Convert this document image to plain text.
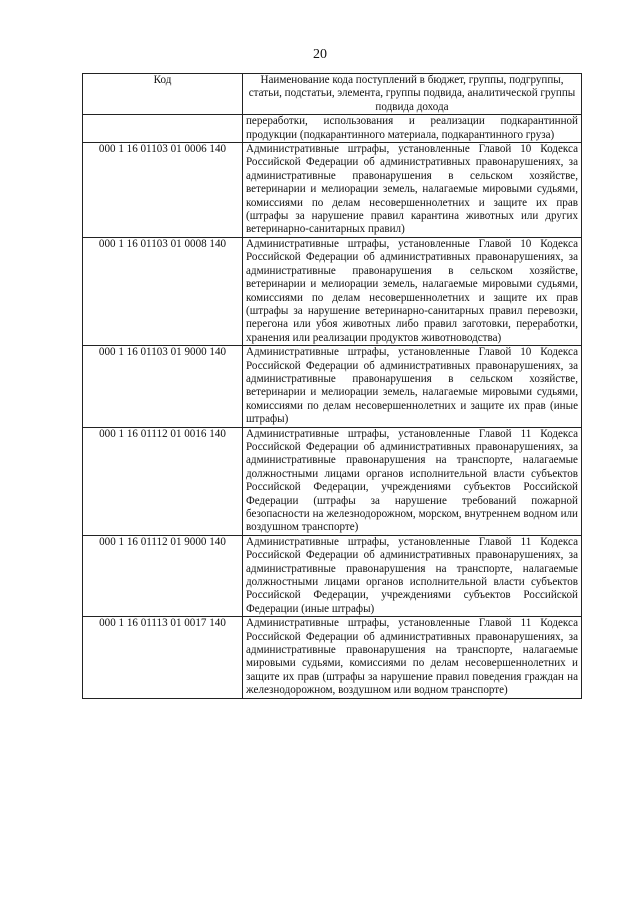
20
Код	Наименование кода поступлений в бюджет, группы, подгруппы, статьи, подстатьи, элемента, группы подвида, аналитической группы подвида дохода
	переработки, использования и реализации подкарантинной продукции (подкарантинного материала, подкарантинного груза)
000 1 16 01103 01 0006 140	Административные штрафы, установленные Главой 10 Кодекса Российской Федерации об административных правонарушениях, за административные правонарушения в сельском хозяйстве, ветеринарии и мелиорации земель, налагаемые мировыми судьями, комиссиями по делам несовершеннолетних и защите их прав (штрафы за нарушение правил карантина животных или других ветеринарно-санитарных правил)
000 1 16 01103 01 0008 140	Административные штрафы, установленные Главой 10 Кодекса Российской Федерации об административных правонарушениях, за административные правонарушения в сельском хозяйстве, ветеринарии и мелиорации земель, налагаемые мировыми судьями, комиссиями по делам несовершеннолетних и защите их прав (штрафы за нарушение ветеринарно-санитарных правил перевозки, перегона или убоя животных либо правил заготовки, переработки, хранения или реализации продуктов животноводства)
000 1 16 01103 01 9000 140	Административные штрафы, установленные Главой 10 Кодекса Российской Федерации об административных правонарушениях, за административные правонарушения в сельском хозяйстве, ветеринарии и мелиорации земель, налагаемые мировыми судьями, комиссиями по делам несовершеннолетних и защите их прав (иные штрафы)
000 1 16 01112 01 0016 140	Административные штрафы, установленные Главой 11 Кодекса Российской Федерации об административных правонарушениях, за административные правонарушения на транспорте, налагаемые должностными лицами органов исполнительной власти субъектов Российской Федерации, учреждениями субъектов Российской Федерации (штрафы за нарушение требований пожарной безопасности на железнодорожном, морском, внутреннем водном или воздушном транспорте)
000 1 16 01112 01 9000 140	Административные штрафы, установленные Главой 11 Кодекса Российской Федерации об административных правонарушениях, за административные правонарушения на транспорте, налагаемые должностными лицами органов исполнительной власти субъектов Российской Федерации, учреждениями субъектов Российской Федерации (иные штрафы)
000 1 16 01113 01 0017 140	Административные штрафы, установленные Главой 11 Кодекса Российской Федерации об административных правонарушениях, за административные правонарушения на транспорте, налагаемые мировыми судьями, комиссиями по делам несовершеннолетних и защите их прав (штрафы за нарушение правил поведения граждан на железнодорожном, воздушном или водном транспорте)
